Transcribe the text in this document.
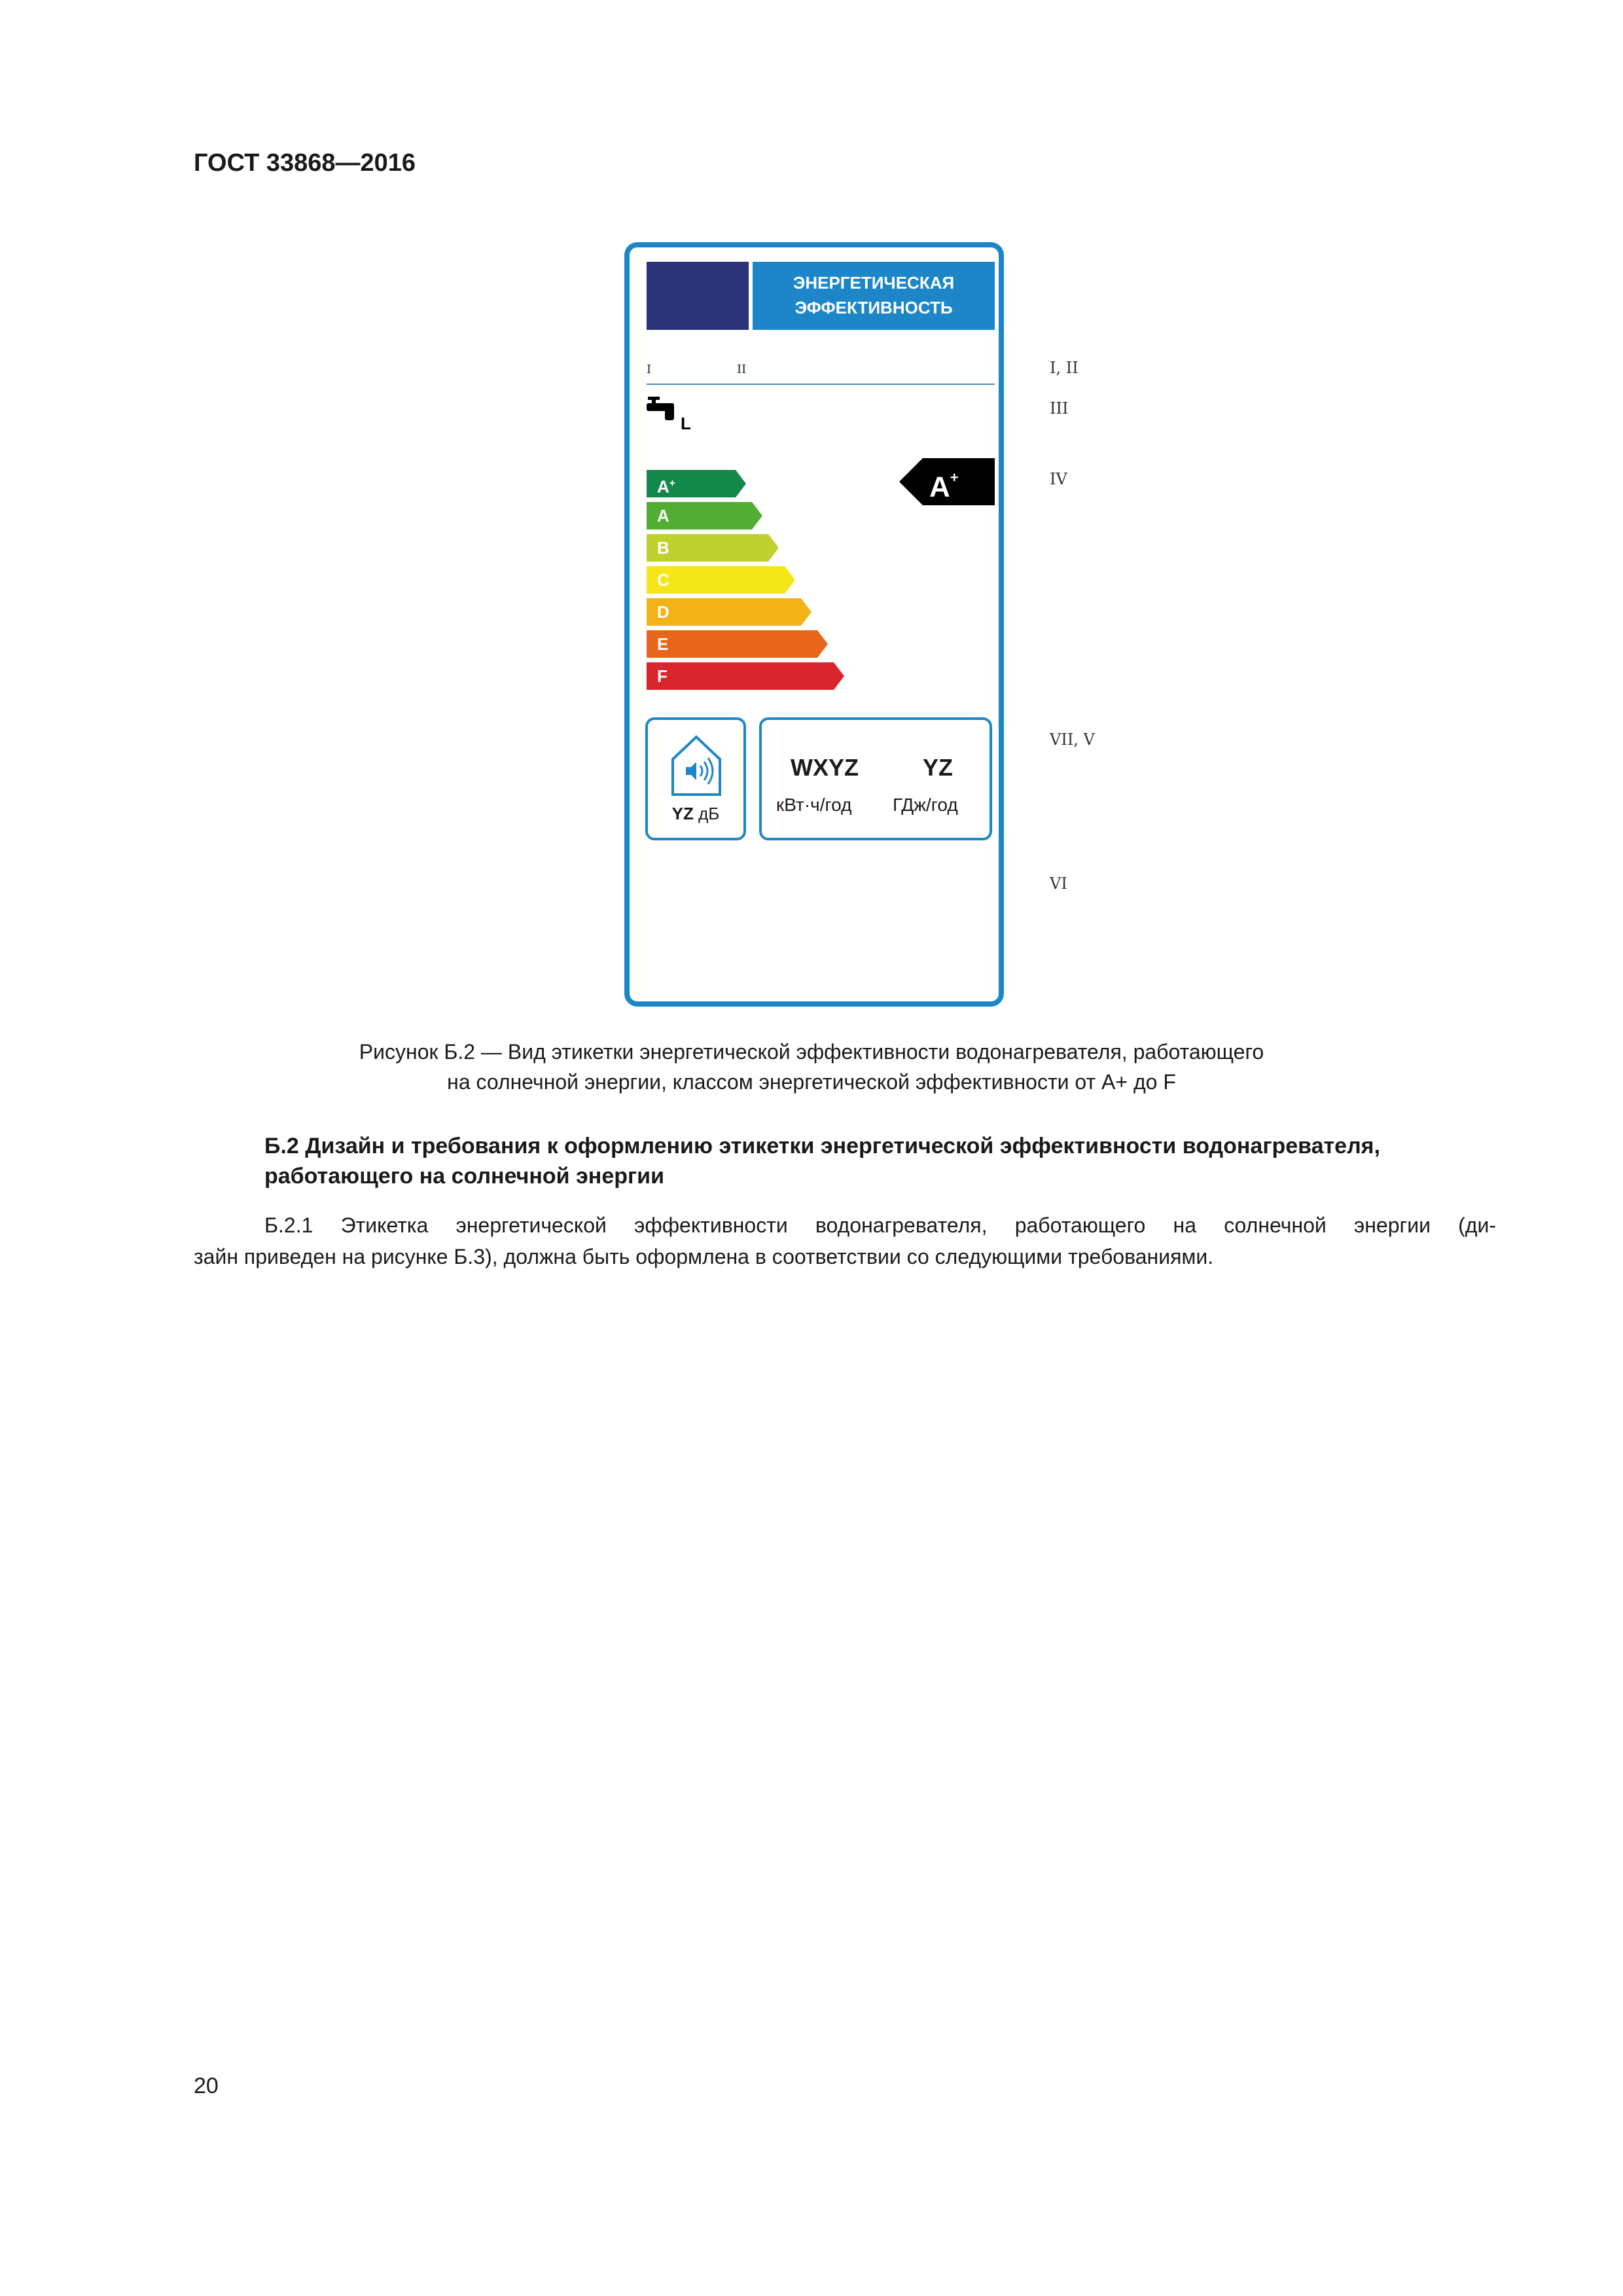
ГОСТ 33868—2016
ЭНЕРГЕТИЧЕСКАЯ
ЭФФЕКТИВНОСТЬ
I	II
L
A+
A
B
C
D
E
F
A+
YZ дБ
WXYZ
кВт·ч/год
YZ
ГДж/год
I, II
III
IV
VII, V
VI
Рисунок Б.2 — Вид этикетки энергетической эффективности водонагревателя, работающего
на солнечной энергии, классом энергетической эффективности от А+ до F
Б.2 Дизайн и требования к оформлению этикетки энергетической эффективности водонагревателя,
работающего на солнечной энергии

Б.2.1 Этикетка энергетической эффективности водонагревателя, работающего на солнечной энергии (ди-

зайн приведен на рисунке Б.3), должна быть оформлена в соответствии со следующими требованиями.

20
